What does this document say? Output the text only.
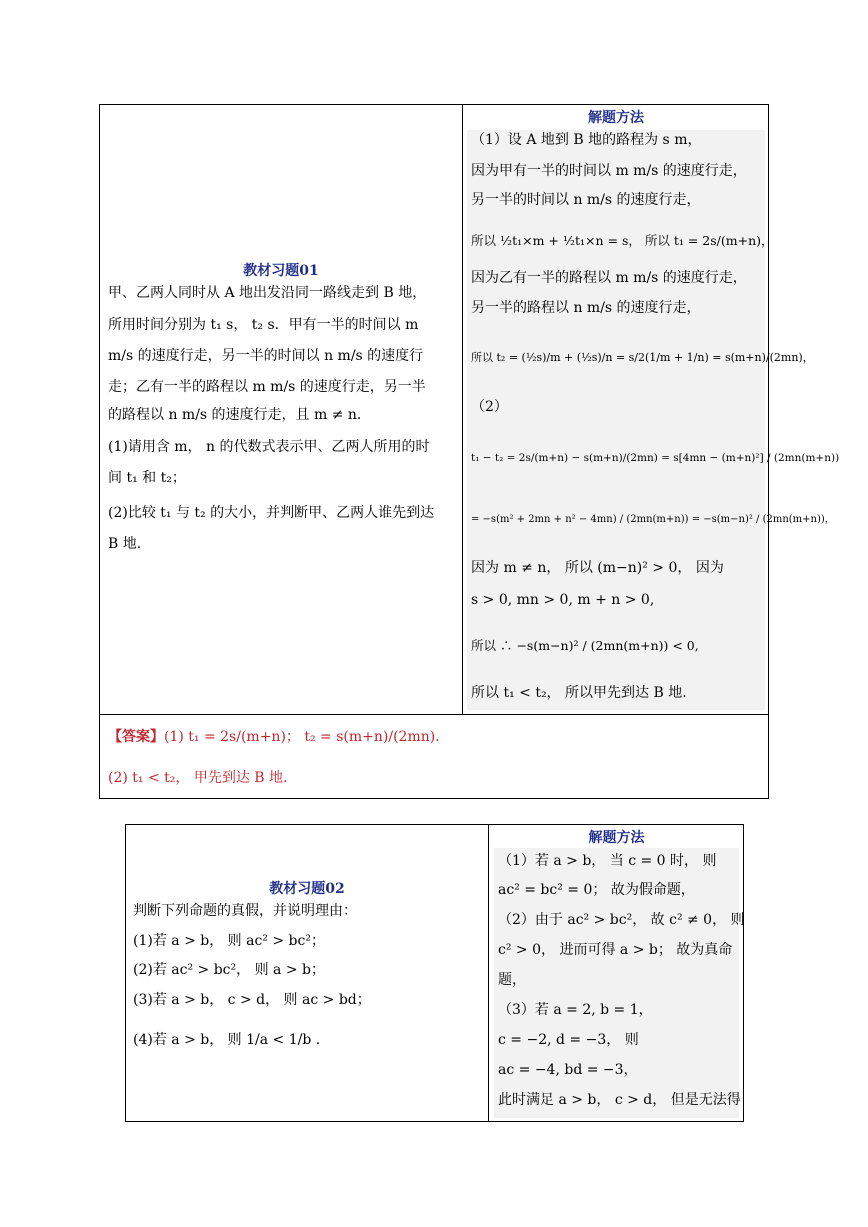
教材习题01
甲、乙两人同时从 A 地出发沿同一路线走到 B 地，
所用时间分别为 t₁ s， t₂ s．甲有一半的时间以 m
m/s 的速度行走，另一半的时间以 n m/s 的速度行
走；乙有一半的路程以 m m/s 的速度行走，另一半
的路程以 n m/s 的速度行走，且 m ≠ n．
(1)请用含 m， n 的代数式表示甲、乙两人所用的时
间 t₁ 和 t₂；
(2)比较 t₁ 与 t₂ 的大小，并判断甲、乙两人谁先到达
B 地.
解题方法
（1）设 A 地到 B 地的路程为 s m，
因为甲有一半的时间以 m m/s 的速度行走，
另一半的时间以 n m/s 的速度行走，
所以 ½t₁×m + ½t₁×n = s， 所以 t₁ = 2s/(m+n)，
因为乙有一半的路程以 m m/s 的速度行走，
另一半的路程以 n m/s 的速度行走，
所以 t₂ = (½s)/m + (½s)/n = s/2(1/m + 1/n) = s(m+n)/(2mn)，
（2）
t₁ − t₂ = 2s/(m+n) − s(m+n)/(2mn) = s[4mn − (m+n)²] / (2mn(m+n))
= −s(m² + 2mn + n² − 4mn) / (2mn(m+n)) = −s(m−n)² / (2mn(m+n))，
因为 m ≠ n， 所以 (m−n)² > 0， 因为
s > 0, mn > 0, m + n > 0,
所以 ∴ −s(m−n)² / (2mn(m+n)) < 0,
所以 t₁ < t₂， 所以甲先到达 B 地.
【答案】(1) t₁ = 2s/(m+n)； t₂ = s(m+n)/(2mn)．
(2) t₁ < t₂， 甲先到达 B 地.
教材习题02
判断下列命题的真假，并说明理由：
(1)若 a > b， 则 ac² > bc²；
(2)若 ac² > bc²， 则 a > b；
(3)若 a > b， c > d， 则 ac > bd；
(4)若 a > b， 则 1/a < 1/b .
解题方法
（1）若 a > b， 当 c = 0 时， 则
ac² = bc² = 0； 故为假命题，
（2）由于 ac² > bc²， 故 c² ≠ 0， 则
c² > 0， 进而可得 a > b； 故为真命
题，
（3）若 a = 2, b = 1，
c = −2, d = −3， 则
ac = −4, bd = −3，
此时满足 a > b， c > d， 但是无法得
